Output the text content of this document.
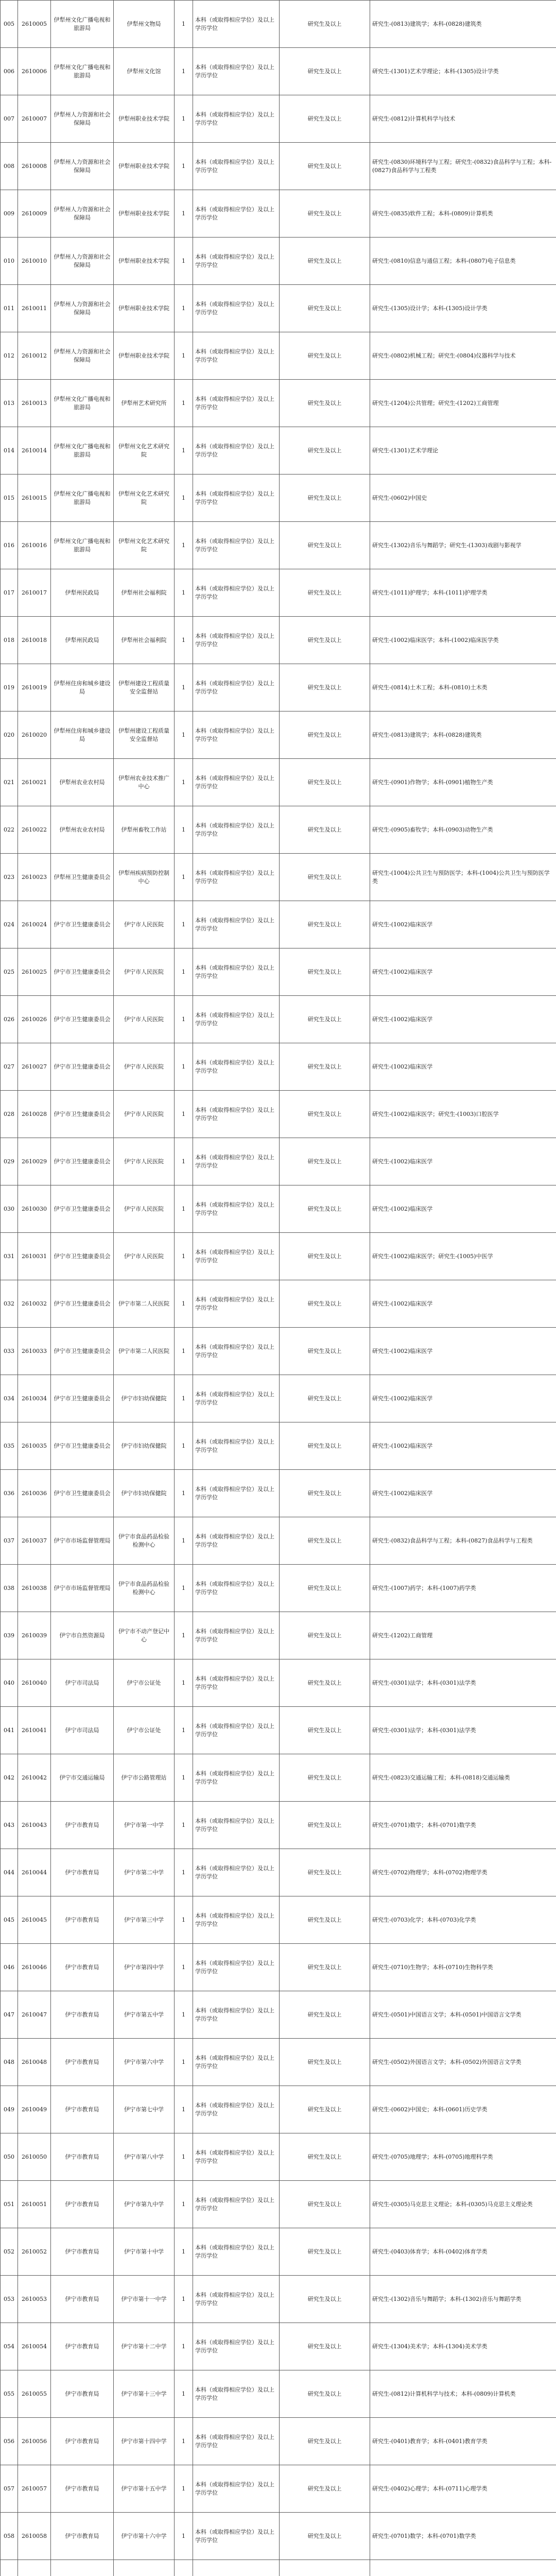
005	2610005	伊犁州文化广播电视和旅游局	伊犁州文物局	1	本科（或取得相应学位）及以上学历学位	研究生及以上	研究生-(0813)建筑学；本科-(0828)建筑类
006	2610006	伊犁州文化广播电视和旅游局	伊犁州文化馆	1	本科（或取得相应学位）及以上学历学位	研究生及以上	研究生-(1301)艺术学理论；本科-(1305)设计学类
007	2610007	伊犁州人力资源和社会保障局	伊犁州职业技术学院	1	本科（或取得相应学位）及以上学历学位	研究生及以上	研究生-(0812)计算机科学与技术
008	2610008	伊犁州人力资源和社会保障局	伊犁州职业技术学院	1	本科（或取得相应学位）及以上学历学位	研究生及以上	研究生-(0830)环境科学与工程；研究生-(0832)食品科学与工程；本科-(0827)食品科学与工程类
009	2610009	伊犁州人力资源和社会保障局	伊犁州职业技术学院	1	本科（或取得相应学位）及以上学历学位	研究生及以上	研究生-(0835)软件工程；本科-(0809)计算机类
010	2610010	伊犁州人力资源和社会保障局	伊犁州职业技术学院	1	本科（或取得相应学位）及以上学历学位	研究生及以上	研究生-(0810)信息与通信工程；本科-(0807)电子信息类
011	2610011	伊犁州人力资源和社会保障局	伊犁州职业技术学院	1	本科（或取得相应学位）及以上学历学位	研究生及以上	研究生-(1305)设计学；本科-(1305)设计学类
012	2610012	伊犁州人力资源和社会保障局	伊犁州职业技术学院	1	本科（或取得相应学位）及以上学历学位	研究生及以上	研究生-(0802)机械工程；研究生-(0804)仪器科学与技术
013	2610013	伊犁州文化广播电视和旅游局	伊犁州艺术研究所	1	本科（或取得相应学位）及以上学历学位	研究生及以上	研究生-(1204)公共管理；研究生-(1202)工商管理
014	2610014	伊犁州文化广播电视和旅游局	伊犁州文化艺术研究院	1	本科（或取得相应学位）及以上学历学位	研究生及以上	研究生-(1301)艺术学理论
015	2610015	伊犁州文化广播电视和旅游局	伊犁州文化艺术研究院	1	本科（或取得相应学位）及以上学历学位	研究生及以上	研究生-(0602)中国史
016	2610016	伊犁州文化广播电视和旅游局	伊犁州文化艺术研究院	1	本科（或取得相应学位）及以上学历学位	研究生及以上	研究生-(1302)音乐与舞蹈学；研究生-(1303)戏剧与影视学
017	2610017	伊犁州民政局	伊犁州社会福利院	1	本科（或取得相应学位）及以上学历学位	研究生及以上	研究生-(1011)护理学；本科-(1011)护理学类
018	2610018	伊犁州民政局	伊犁州社会福利院	1	本科（或取得相应学位）及以上学历学位	研究生及以上	研究生-(1002)临床医学；本科-(1002)临床医学类
019	2610019	伊犁州住房和城乡建设局	伊犁州建设工程质量安全监督站	1	本科（或取得相应学位）及以上学历学位	研究生及以上	研究生-(0814)土木工程；本科-(0810)土木类
020	2610020	伊犁州住房和城乡建设局	伊犁州建设工程质量安全监督站	1	本科（或取得相应学位）及以上学历学位	研究生及以上	研究生-(0813)建筑学；本科-(0828)建筑类
021	2610021	伊犁州农业农村局	伊犁州农业技术推广中心	1	本科（或取得相应学位）及以上学历学位	研究生及以上	研究生-(0901)作物学；本科-(0901)植物生产类
022	2610022	伊犁州农业农村局	伊犁州畜牧工作站	1	本科（或取得相应学位）及以上学历学位	研究生及以上	研究生-(0905)畜牧学；本科-(0903)动物生产类
023	2610023	伊犁州卫生健康委员会	伊犁州疾病预防控制中心	1	本科（或取得相应学位）及以上学历学位	研究生及以上	研究生-(1004)公共卫生与预防医学；本科-(1004)公共卫生与预防医学类
024	2610024	伊宁市卫生健康委员会	伊宁市人民医院	1	本科（或取得相应学位）及以上学历学位	研究生及以上	研究生-(1002)临床医学
025	2610025	伊宁市卫生健康委员会	伊宁市人民医院	1	本科（或取得相应学位）及以上学历学位	研究生及以上	研究生-(1002)临床医学
026	2610026	伊宁市卫生健康委员会	伊宁市人民医院	1	本科（或取得相应学位）及以上学历学位	研究生及以上	研究生-(1002)临床医学
027	2610027	伊宁市卫生健康委员会	伊宁市人民医院	1	本科（或取得相应学位）及以上学历学位	研究生及以上	研究生-(1002)临床医学
028	2610028	伊宁市卫生健康委员会	伊宁市人民医院	1	本科（或取得相应学位）及以上学历学位	研究生及以上	研究生-(1002)临床医学；研究生-(1003)口腔医学
029	2610029	伊宁市卫生健康委员会	伊宁市人民医院	1	本科（或取得相应学位）及以上学历学位	研究生及以上	研究生-(1002)临床医学
030	2610030	伊宁市卫生健康委员会	伊宁市人民医院	1	本科（或取得相应学位）及以上学历学位	研究生及以上	研究生-(1002)临床医学
031	2610031	伊宁市卫生健康委员会	伊宁市人民医院	1	本科（或取得相应学位）及以上学历学位	研究生及以上	研究生-(1002)临床医学；研究生-(1005)中医学
032	2610032	伊宁市卫生健康委员会	伊宁市第二人民医院	1	本科（或取得相应学位）及以上学历学位	研究生及以上	研究生-(1002)临床医学
033	2610033	伊宁市卫生健康委员会	伊宁市第二人民医院	1	本科（或取得相应学位）及以上学历学位	研究生及以上	研究生-(1002)临床医学
034	2610034	伊宁市卫生健康委员会	伊宁市妇幼保健院	1	本科（或取得相应学位）及以上学历学位	研究生及以上	研究生-(1002)临床医学
035	2610035	伊宁市卫生健康委员会	伊宁市妇幼保健院	1	本科（或取得相应学位）及以上学历学位	研究生及以上	研究生-(1002)临床医学
036	2610036	伊宁市卫生健康委员会	伊宁市妇幼保健院	1	本科（或取得相应学位）及以上学历学位	研究生及以上	研究生-(1002)临床医学
037	2610037	伊宁市市场监督管理局	伊宁市食品药品检验检测中心	1	本科（或取得相应学位）及以上学历学位	研究生及以上	研究生-(0832)食品科学与工程；本科-(0827)食品科学与工程类
038	2610038	伊宁市市场监督管理局	伊宁市食品药品检验检测中心	1	本科（或取得相应学位）及以上学历学位	研究生及以上	研究生-(1007)药学；本科-(1007)药学类
039	2610039	伊宁市自然资源局	伊宁市不动产登记中心	1	本科（或取得相应学位）及以上学历学位	研究生及以上	研究生-(1202)工商管理
040	2610040	伊宁市司法局	伊宁市公证处	1	本科（或取得相应学位）及以上学历学位	研究生及以上	研究生-(0301)法学；本科-(0301)法学类
041	2610041	伊宁市司法局	伊宁市公证处	1	本科（或取得相应学位）及以上学历学位	研究生及以上	研究生-(0301)法学；本科-(0301)法学类
042	2610042	伊宁市交通运输局	伊宁市公路管理站	1	本科（或取得相应学位）及以上学历学位	研究生及以上	研究生-(0823)交通运输工程；本科-(0818)交通运输类
043	2610043	伊宁市教育局	伊宁市第一中学	1	本科（或取得相应学位）及以上学历学位	研究生及以上	研究生-(0701)数学；本科-(0701)数学类
044	2610044	伊宁市教育局	伊宁市第二中学	1	本科（或取得相应学位）及以上学历学位	研究生及以上	研究生-(0702)物理学；本科-(0702)物理学类
045	2610045	伊宁市教育局	伊宁市第三中学	1	本科（或取得相应学位）及以上学历学位	研究生及以上	研究生-(0703)化学；本科-(0703)化学类
046	2610046	伊宁市教育局	伊宁市第四中学	1	本科（或取得相应学位）及以上学历学位	研究生及以上	研究生-(0710)生物学；本科-(0710)生物科学类
047	2610047	伊宁市教育局	伊宁市第五中学	1	本科（或取得相应学位）及以上学历学位	研究生及以上	研究生-(0501)中国语言文学；本科-(0501)中国语言文学类
048	2610048	伊宁市教育局	伊宁市第六中学	1	本科（或取得相应学位）及以上学历学位	研究生及以上	研究生-(0502)外国语言文学；本科-(0502)外国语言文学类
049	2610049	伊宁市教育局	伊宁市第七中学	1	本科（或取得相应学位）及以上学历学位	研究生及以上	研究生-(0602)中国史；本科-(0601)历史学类
050	2610050	伊宁市教育局	伊宁市第八中学	1	本科（或取得相应学位）及以上学历学位	研究生及以上	研究生-(0705)地理学；本科-(0705)地理科学类
051	2610051	伊宁市教育局	伊宁市第九中学	1	本科（或取得相应学位）及以上学历学位	研究生及以上	研究生-(0305)马克思主义理论；本科-(0305)马克思主义理论类
052	2610052	伊宁市教育局	伊宁市第十中学	1	本科（或取得相应学位）及以上学历学位	研究生及以上	研究生-(0403)体育学；本科-(0402)体育学类
053	2610053	伊宁市教育局	伊宁市第十一中学	1	本科（或取得相应学位）及以上学历学位	研究生及以上	研究生-(1302)音乐与舞蹈学；本科-(1302)音乐与舞蹈学类
054	2610054	伊宁市教育局	伊宁市第十二中学	1	本科（或取得相应学位）及以上学历学位	研究生及以上	研究生-(1304)美术学；本科-(1304)美术学类
055	2610055	伊宁市教育局	伊宁市第十三中学	1	本科（或取得相应学位）及以上学历学位	研究生及以上	研究生-(0812)计算机科学与技术；本科-(0809)计算机类
056	2610056	伊宁市教育局	伊宁市第十四中学	1	本科（或取得相应学位）及以上学历学位	研究生及以上	研究生-(0401)教育学；本科-(0401)教育学类
057	2610057	伊宁市教育局	伊宁市第十五中学	1	本科（或取得相应学位）及以上学历学位	研究生及以上	研究生-(0402)心理学；本科-(0711)心理学类
058	2610058	伊宁市教育局	伊宁市第十六中学	1	本科（或取得相应学位）及以上学历学位	研究生及以上	研究生-(0701)数学；本科-(0701)数学类
